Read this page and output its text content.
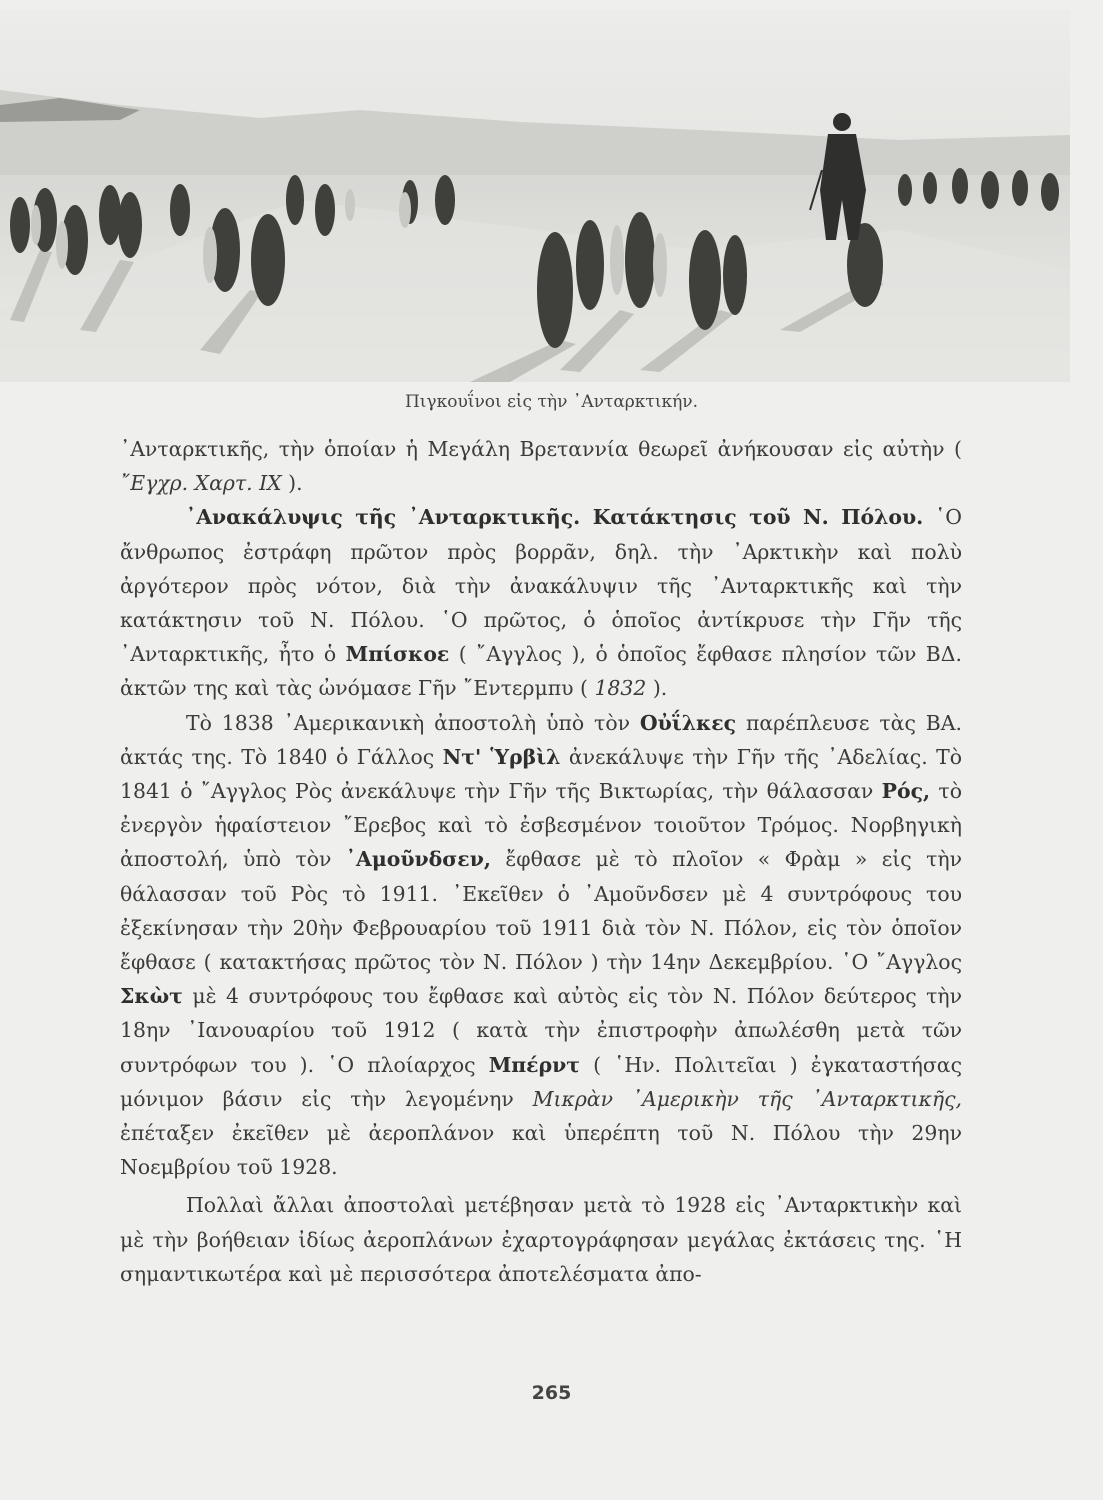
Πιγκουΐνοι εἰς τὴν ᾿Ανταρκτικήν.

᾿Ανταρκτικῆς, τὴν ὁποίαν ἡ Μεγάλη Βρεταννία θεωρεῖ ἀνήκουσαν εἰς αὐτὴν ( ῎Εγχρ. Χαρτ. IX ).

᾿Ανακάλυψις τῆς ᾿Ανταρκτικῆς. Κατάκτησις τοῦ Ν. Πόλου. ῾Ο ἄνθρωπος ἐστράφη πρῶτον πρὸς βορρᾶν, δηλ. τὴν ᾿Αρκτικὴν καὶ πολὺ ἀργότερον πρὸς νότον, διὰ τὴν ἀνακάλυψιν τῆς ᾿Ανταρκτικῆς καὶ τὴν κατάκτησιν τοῦ Ν. Πόλου. ῾Ο πρῶτος, ὁ ὁποῖος ἀντίκρυσε τὴν Γῆν τῆς ᾿Ανταρκτικῆς, ἦτο ὁ Μπίσκοε ( ῎Αγγλος ), ὁ ὁποῖος ἔφθασε πλησίον τῶν ΒΔ. ἀκτῶν της καὶ τὰς ὠνόμασε Γῆν ῎Εντερμπυ ( 1832 ).

Τὸ 1838 ᾿Αμερικανικὴ ἀποστολὴ ὑπὸ τὸν Οὐΐλκες παρέπλευσε τὰς ΒΑ. ἀκτάς της. Τὸ 1840 ὁ Γάλλος Ντ' Ὑρβὶλ ἀνεκάλυψε τὴν Γῆν τῆς ᾿Αδελίας. Τὸ 1841 ὁ ῎Αγγλος Ρὸς ἀνεκάλυψε τὴν Γῆν τῆς Βικτωρίας, τὴν θάλασσαν Ρός, τὸ ἐνεργὸν ἡφαίστειον ῎Ερεβος καὶ τὸ ἐσβεσμένον τοιοῦτον Τρόμος. Νορβηγικὴ ἀποστολή, ὑπὸ τὸν ᾿Αμοῦνδσεν, ἔφθασε μὲ τὸ πλοῖον « Φρὰμ » εἰς τὴν θάλασσαν τοῦ Ρὸς τὸ 1911. ᾿Εκεῖθεν ὁ ᾿Αμοῦνδσεν μὲ 4 συντρόφους του ἐξεκίνησαν τὴν 20ὴν Φεβρουαρίου τοῦ 1911 διὰ τὸν Ν. Πόλον, εἰς τὸν ὁποῖον ἔφθασε ( κατακτήσας πρῶτος τὸν Ν. Πόλον ) τὴν 14ην Δεκεμβρίου. ῾Ο ῎Αγγλος Σκὼτ μὲ 4 συντρόφους του ἔφθασε καὶ αὐτὸς εἰς τὸν Ν. Πόλον δεύτερος τὴν 18ην ᾿Ιανουαρίου τοῦ 1912 ( κατὰ τὴν ἐπιστροφὴν ἀπωλέσθη μετὰ τῶν συντρόφων του ). ῾Ο πλοίαρχος Μπέρντ ( ῾Ην. Πολιτεῖαι ) ἐγκαταστήσας μόνιμον βάσιν εἰς τὴν λεγομένην Μικρὰν ᾿Αμερικὴν τῆς ᾿Ανταρκτικῆς, ἐπέταξεν ἐκεῖθεν μὲ ἀεροπλάνον καὶ ὑπερέπτη τοῦ Ν. Πόλου τὴν 29ην Νοεμβρίου τοῦ 1928.

Πολλαὶ ἄλλαι ἀποστολαὶ μετέβησαν μετὰ τὸ 1928 εἰς ᾿Ανταρκτικὴν καὶ μὲ τὴν βοήθειαν ἰδίως ἀεροπλάνων ἐχαρτογράφησαν μεγάλας ἐκτάσεις της. ῾Η σημαντικωτέρα καὶ μὲ περισσότερα ἀποτελέσματα ἀπο-

265
